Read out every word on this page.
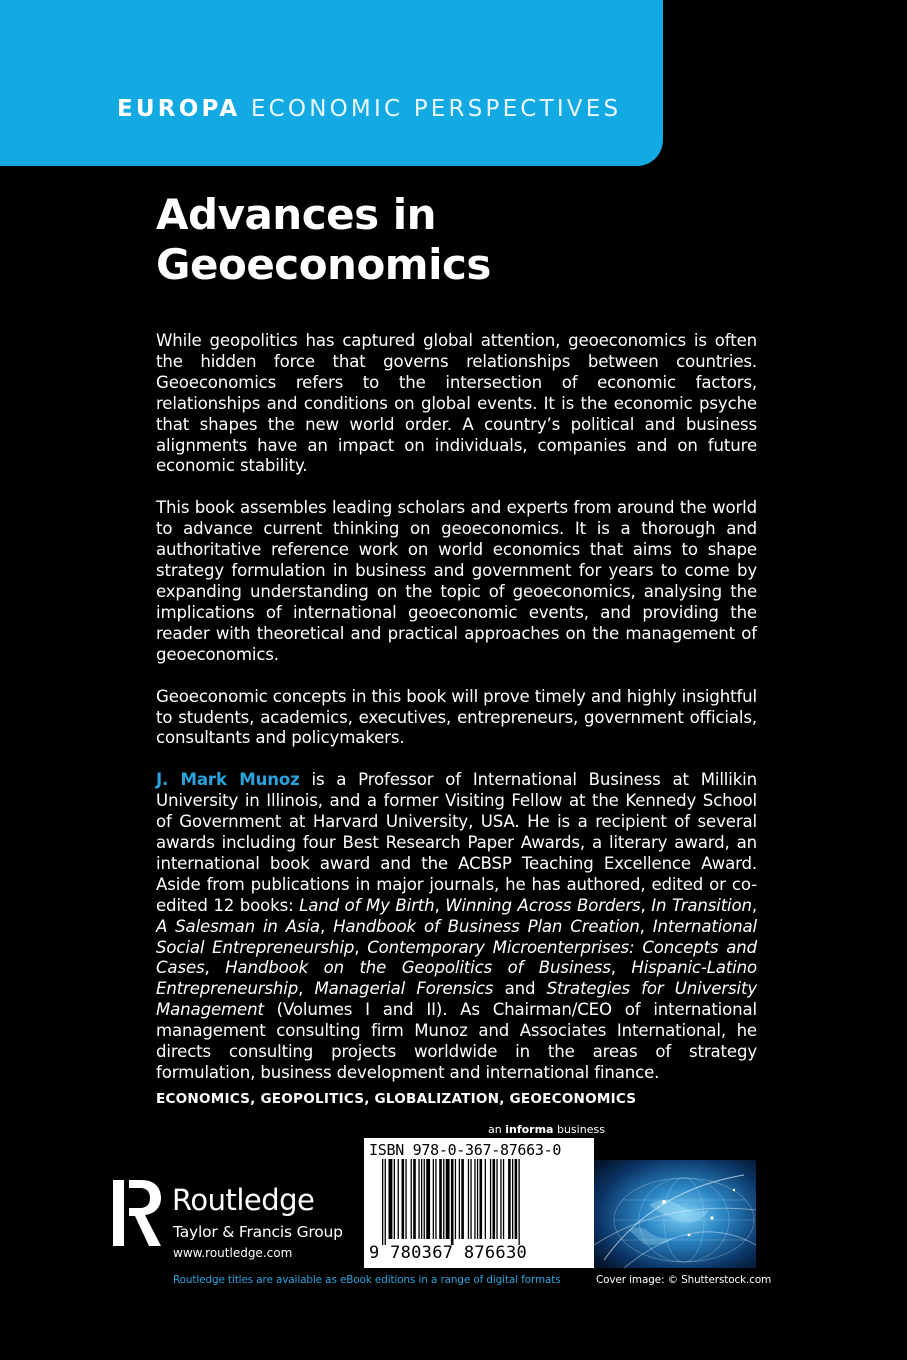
EUROPA ECONOMIC PERSPECTIVES
Advances in
Geoeconomics

While geopolitics has captured global attention, geoeconomics is often the hidden force that governs relationships between countries. Geoeconomics refers to the intersection of economic factors, relationships and conditions on global events. It is the economic psyche that shapes the new world order. A country’s political and business alignments have an impact on individuals, companies and on future economic stability.

This book assembles leading scholars and experts from around the world to advance current thinking on geoeconomics. It is a thorough and authoritative reference work on world economics that aims to shape strategy formulation in business and government for years to come by expanding understanding on the topic of geoeconomics, analysing the implications of international geoeconomic events, and providing the reader with theoretical and practical approaches on the management of geoeconomics.

Geoeconomic concepts in this book will prove timely and highly insightful to students, academics, executives, entrepreneurs, government officials, consultants and policymakers.

J. Mark Munoz is a Professor of International Business at Millikin University in Illinois, and a former Visiting Fellow at the Kennedy School of Government at Harvard University, USA. He is a recipient of several awards including four Best Research Paper Awards, a literary award, an international book award and the ACBSP Teaching Excellence Award. Aside from publications in major journals, he has authored, edited or co-edited 12 books: Land of My Birth, Winning Across Borders, In Transition, A Salesman in Asia, Handbook of Business Plan Creation, International Social Entrepreneurship, Contemporary Microenterprises: Concepts and Cases, Handbook on the Geopolitics of Business, Hispanic-Latino Entrepreneurship, Managerial Forensics and Strategies for University Management (Volumes I and II). As Chairman/CEO of international management consulting firm Munoz and Associates International, he directs consulting projects worldwide in the areas of strategy formulation, business development and international finance.

ECONOMICS, GEOPOLITICS, GLOBALIZATION, GEOECONOMICS
an informa business
ISBN 978-0-367-87663-0
9 780367 876630
ROUTLEDGE Routledge
Taylor & Francis Group
www.routledge.com
Routledge titles are available as eBook editions in a range of digital formats	Cover image: © Shutterstock.com
